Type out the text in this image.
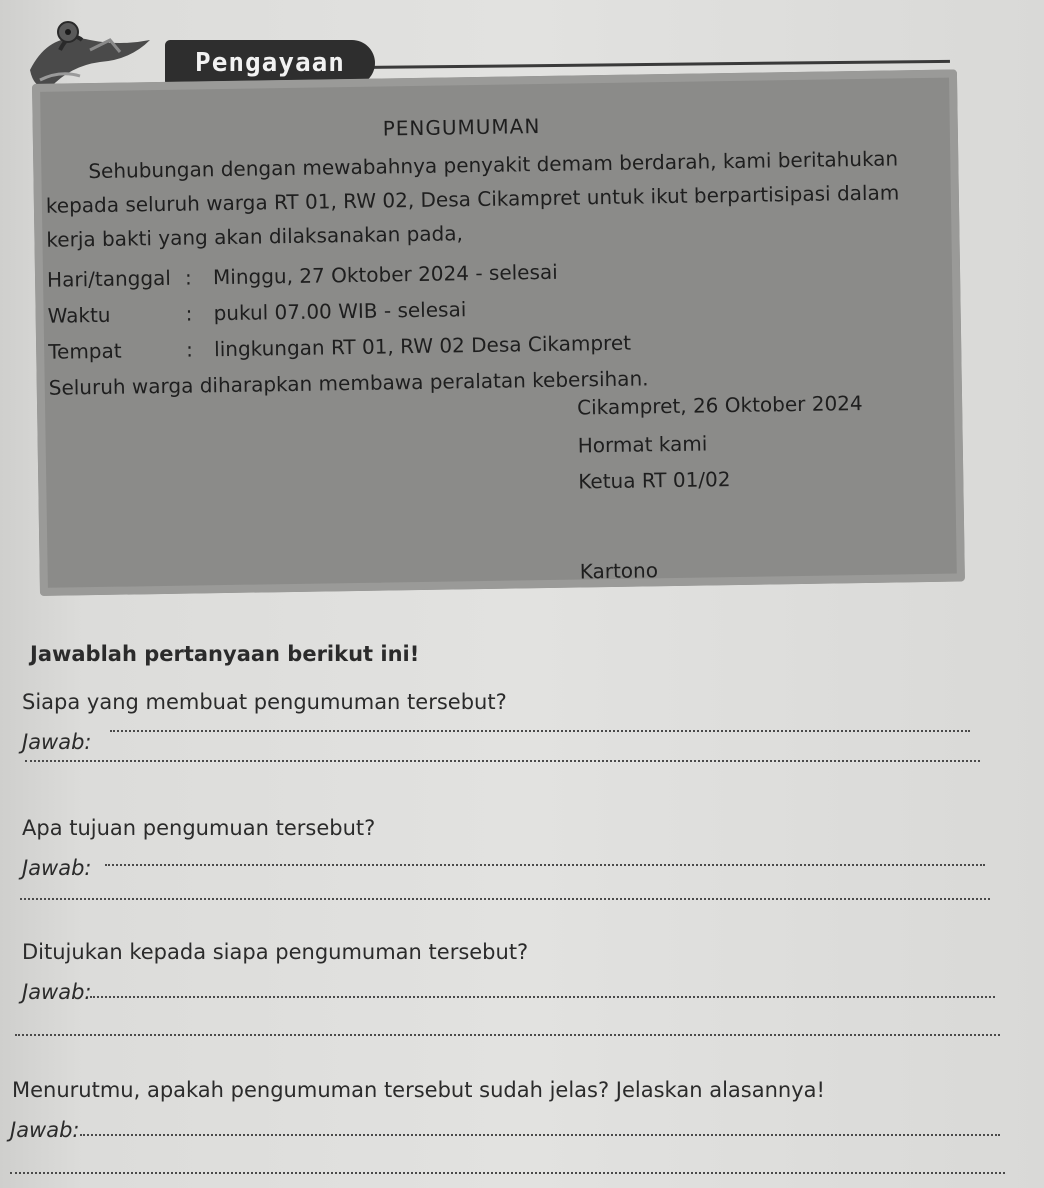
Pengayaan
PENGUMUMAN
Sehubungan dengan mewabahnya penyakit demam berdarah, kami beritahukan
kepada seluruh warga RT 01, RW 02, Desa Cikampret untuk ikut berpartisipasi dalam
kerja bakti yang akan dilaksanakan pada,
Hari/tanggal : Minggu, 27 Oktober 2024 - selesai
Waktu	: pukul 07.00 WIB - selesai
Tempat	: lingkungan RT 01, RW 02 Desa Cikampret
Seluruh warga diharapkan membawa peralatan kebersihan.
Cikampret, 26 Oktober 2024
Hormat kami
Ketua RT 01/02
Kartono
Jawablah pertanyaan berikut ini!
Siapa yang membuat pengumuman tersebut?
Jawab:
Apa tujuan pengumuan tersebut?
Jawab:
Ditujukan kepada siapa pengumuman tersebut?
Jawab:
Menurutmu, apakah pengumuman tersebut sudah jelas? Jelaskan alasannya!
Jawab:
